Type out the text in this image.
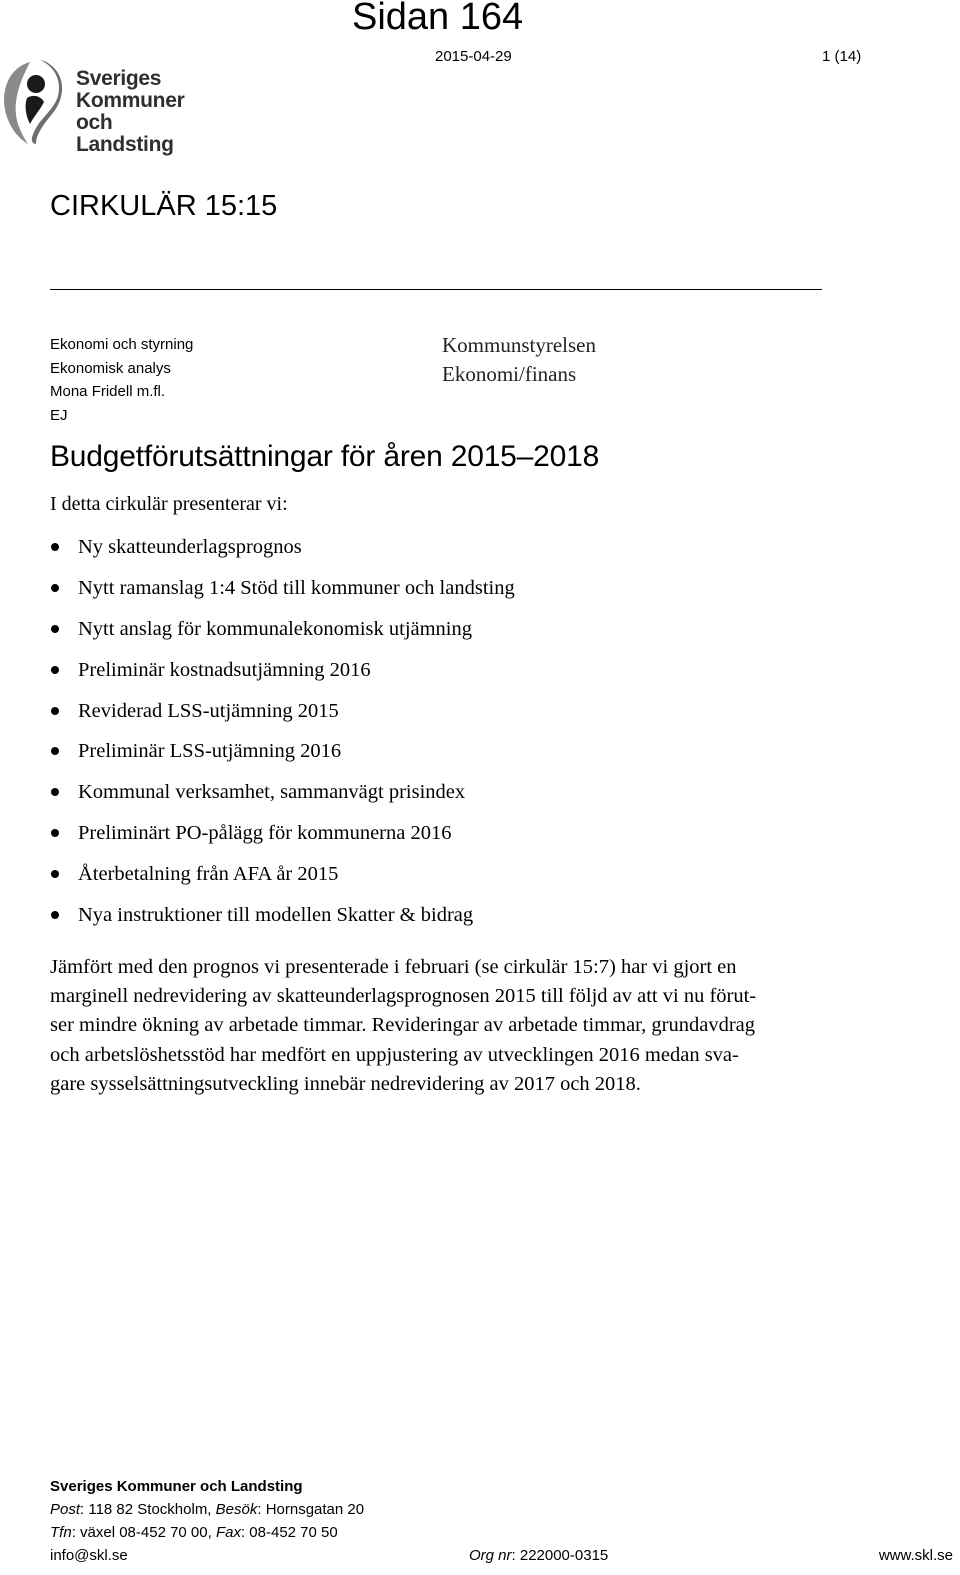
Sidan 164
2015-04-29	1 (14)
Sveriges
Kommuner
och Landsting
CIRKULÄR 15:15
Ekonomi och styrning
Ekonomisk analys
Mona Fridell m.fl.
EJ
Kommunstyrelsen
Ekonomi/finans
Budgetförutsättningar för åren 2015–2018
I detta cirkulär presenterar vi:
Ny skatteunderlagsprognos
Nytt ramanslag 1:4 Stöd till kommuner och landsting
Nytt anslag för kommunalekonomisk utjämning
Preliminär kostnadsutjämning 2016
Reviderad LSS-utjämning 2015
Preliminär LSS-utjämning 2016
Kommunal verksamhet, sammanvägt prisindex
Preliminärt PO-pålägg för kommunerna 2016
Återbetalning från AFA år 2015
Nya instruktioner till modellen Skatter & bidrag
Jämfört med den prognos vi presenterade i februari (se cirkulär 15:7) har vi gjort en
marginell nedrevidering av skatteunderlagsprognosen 2015 till följd av att vi nu förut-
ser mindre ökning av arbetade timmar. Revideringar av arbetade timmar, grundavdrag
och arbetslöshetsstöd har medfört en uppjustering av utvecklingen 2016 medan sva-
gare sysselsättningsutveckling innebär nedrevidering av 2017 och 2018.
Sveriges Kommuner och Landsting
Post: 118 82 Stockholm, Besök: Hornsgatan 20
Tfn: växel 08-452 70 00, Fax: 08-452 70 50
info@skl.se	Org nr: 222000-0315	www.skl.se
